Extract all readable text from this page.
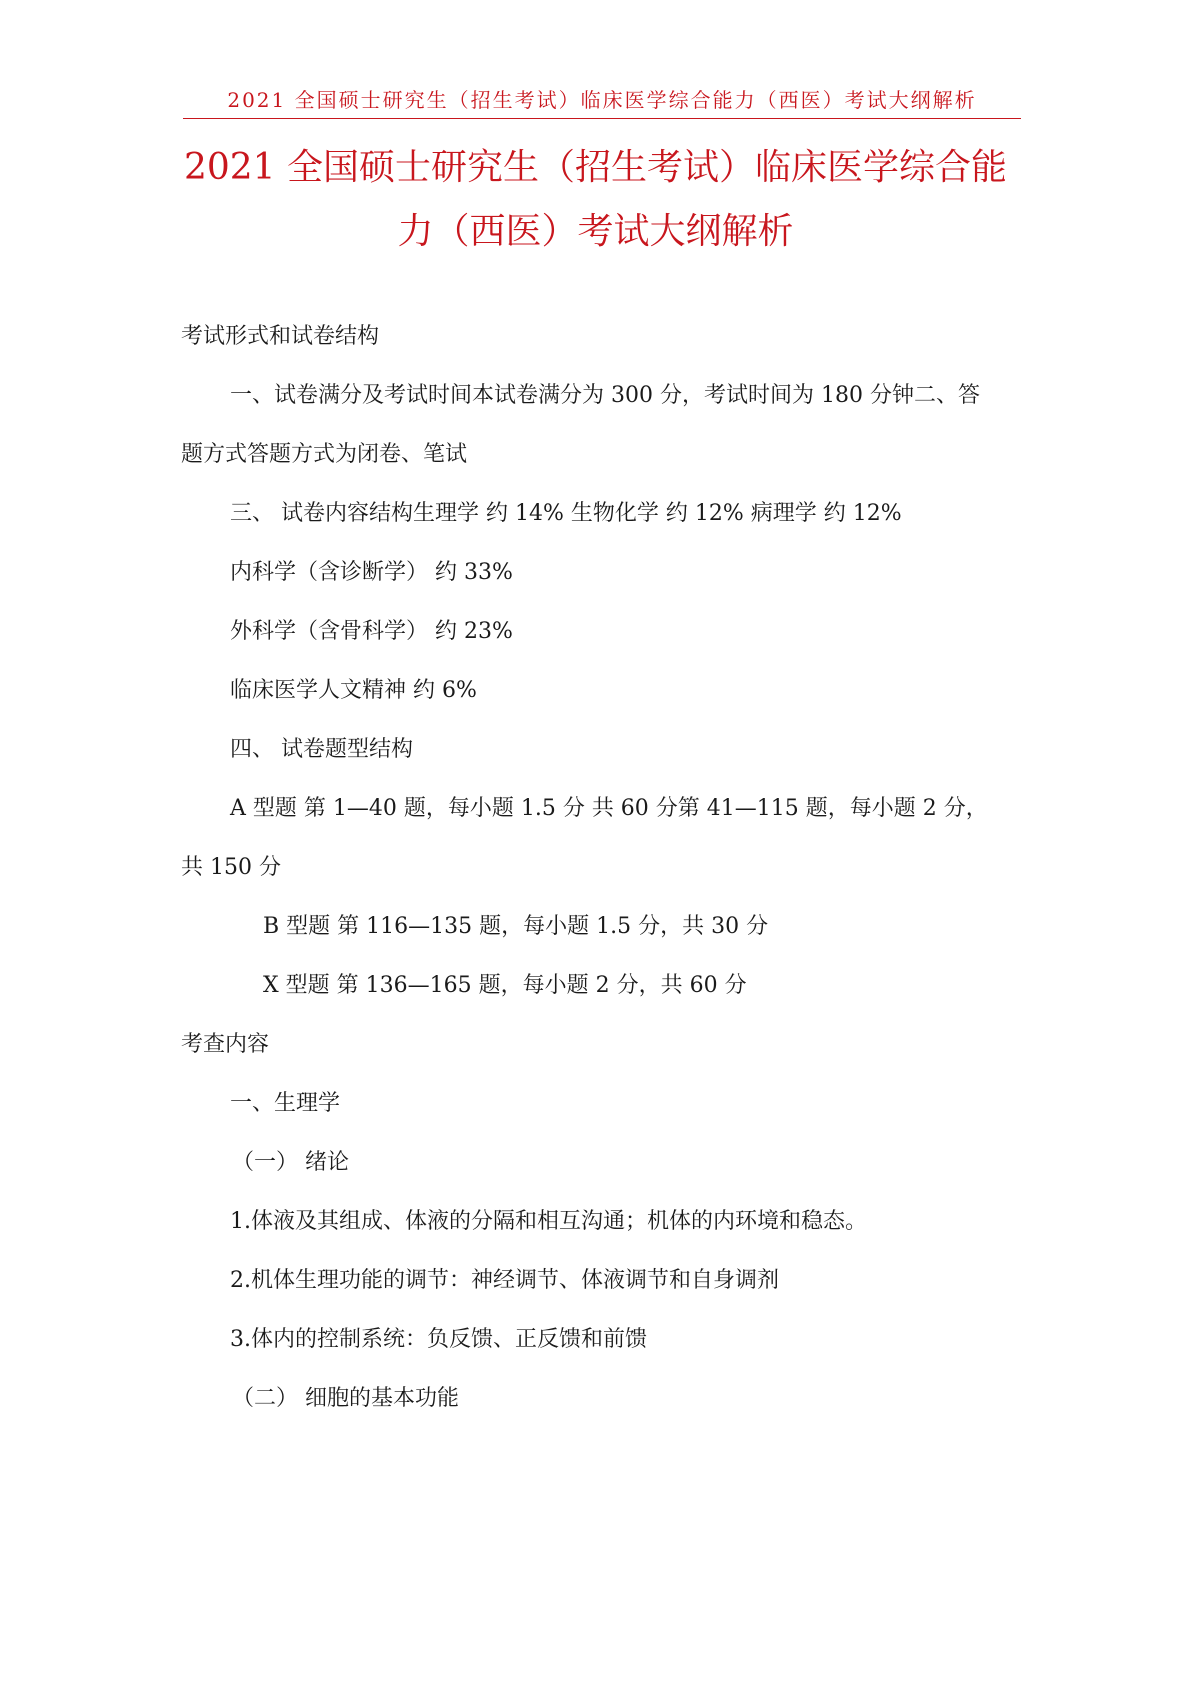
2021 全国硕士研究生（招生考试）临床医学综合能力（西医）考试大纲解析
2021 全国硕士研究生（招生考试）临床医学综合能
力（西医）考试大纲解析

考试形式和试卷结构

一、试卷满分及考试时间本试卷满分为 300 分，考试时间为 180 分钟二、答

题方式答题方式为闭卷、笔试

三、 试卷内容结构生理学 约 14% 生物化学 约 12% 病理学 约 12%

内科学（含诊断学） 约 33%

外科学（含骨科学） 约 23%

临床医学人文精神 约 6%

四、 试卷题型结构

A 型题 第 1—40 题，每小题 1.5 分 共 60 分第 41—115 题，每小题 2 分，

共 150 分

B 型题 第 116—135 题，每小题 1.5 分，共 30 分

X 型题 第 136—165 题，每小题 2 分，共 60 分

考查内容

一、生理学

（一） 绪论

1.体液及其组成、体液的分隔和相互沟通；机体的内环境和稳态。

2.机体生理功能的调节：神经调节、体液调节和自身调剂

3.体内的控制系统：负反馈、正反馈和前馈

（二） 细胞的基本功能
